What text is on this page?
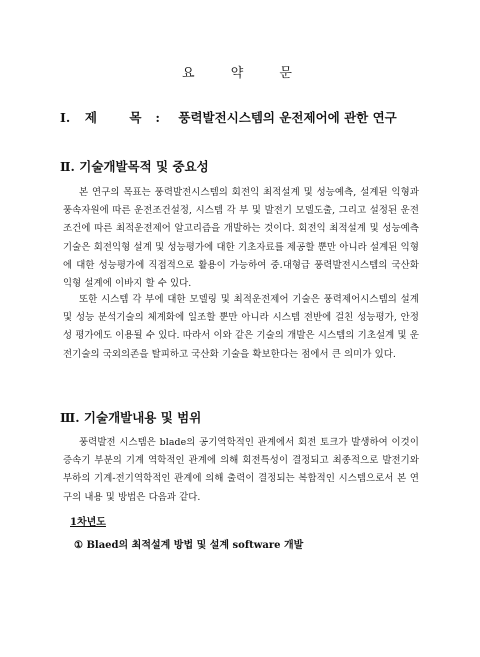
요 약 문
I. 제 목: 풍력발전시스템의 운전제어에 관한 연구
Ⅱ. 기술개발목적 및 중요성

본 연구의 목표는 풍력발전시스템의 회전익 최적설계 및 성능예측, 설계된 익형과 풍속자원에 따른 운전조건설정, 시스템 각 부 및 발전기 모델도출, 그리고 설정된 운전 조건에 따른 최적운전제어 알고리즘을 개발하는 것이다. 회전익 최적설계 및 성능예측 기술은 회전익형 설계 및 성능평가에 대한 기초자료를 제공할 뿐만 아니라 설계된 익형에 대한 성능평가에 직접적으로 활용이 가능하여 중.대형급 풍력발전시스템의 국산화 익형 설계에 이바지 할 수 있다.

또한 시스템 각 부에 대한 모델링 및 최적운전제어 기술은 풍력제어시스템의 설계 및 성능 분석기술의 체계화에 일조할 뿐만 아니라 시스템 전반에 걸친 성능평가, 안정성 평가에도 이용될 수 있다. 따라서 이와 같은 기술의 개발은 시스템의 기초설계 및 운전기술의 국외의존을 탈피하고 국산화 기술을 확보한다는 점에서 큰 의미가 있다.

Ⅲ. 기술개발내용 및 범위

풍력발전 시스템은 blade의 공기역학적인 관계에서 회전 토크가 발생하여 이것이 증속기 부분의 기계 역학적인 관계에 의해 회전특성이 결정되고 최종적으로 발전기와 부하의 기계-전기역학적인 관계에 의해 출력이 결정되는 복합적인 시스템으로서 본 연구의 내용 및 방법은 다음과 같다.

1차년도
① Blaed의 최적설계 방법 및 설계 software 개발
